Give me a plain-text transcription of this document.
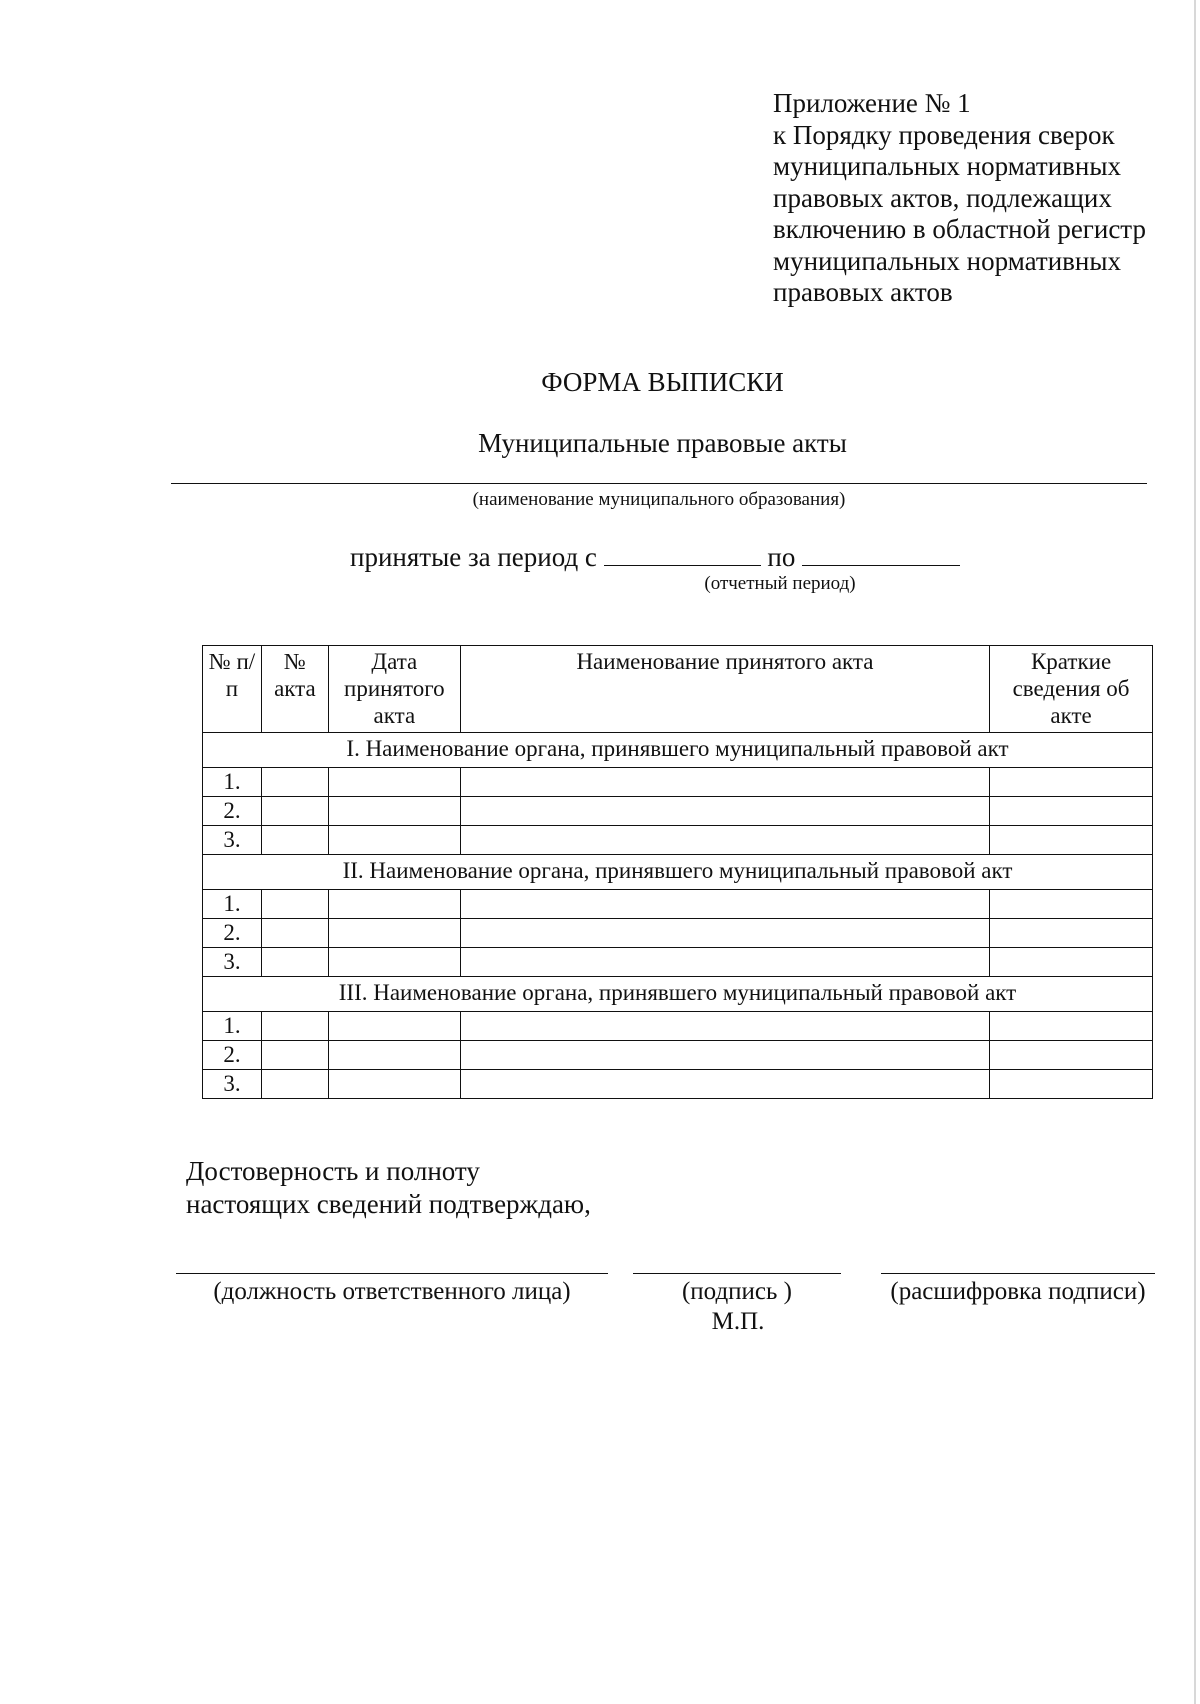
Приложение № 1
к Порядку проведения сверок
муниципальных нормативных
правовых актов, подлежащих
включению в областной регистр
муниципальных нормативных
правовых актов
ФОРМА ВЫПИСКИ
Муниципальные правовые акты
(наименование муниципального образования)
принятые за период с	по
(отчетный период)
№ п/п	№ акта	Дата принятого акта	Наименование принятого акта	Краткие сведения об акте
I. Наименование органа, принявшего муниципальный правовой акт				
1.				
2.				
3.				
II. Наименование органа, принявшего муниципальный правовой акт				
1.				
2.				
3.				
III. Наименование органа, принявшего муниципальный правовой акт				
1.				
2.				
3.				
Достоверность и полноту
настоящих сведений подтверждаю,
(должность ответственного лица)	(подпись )	(расшифровка подписи)
М.П.
